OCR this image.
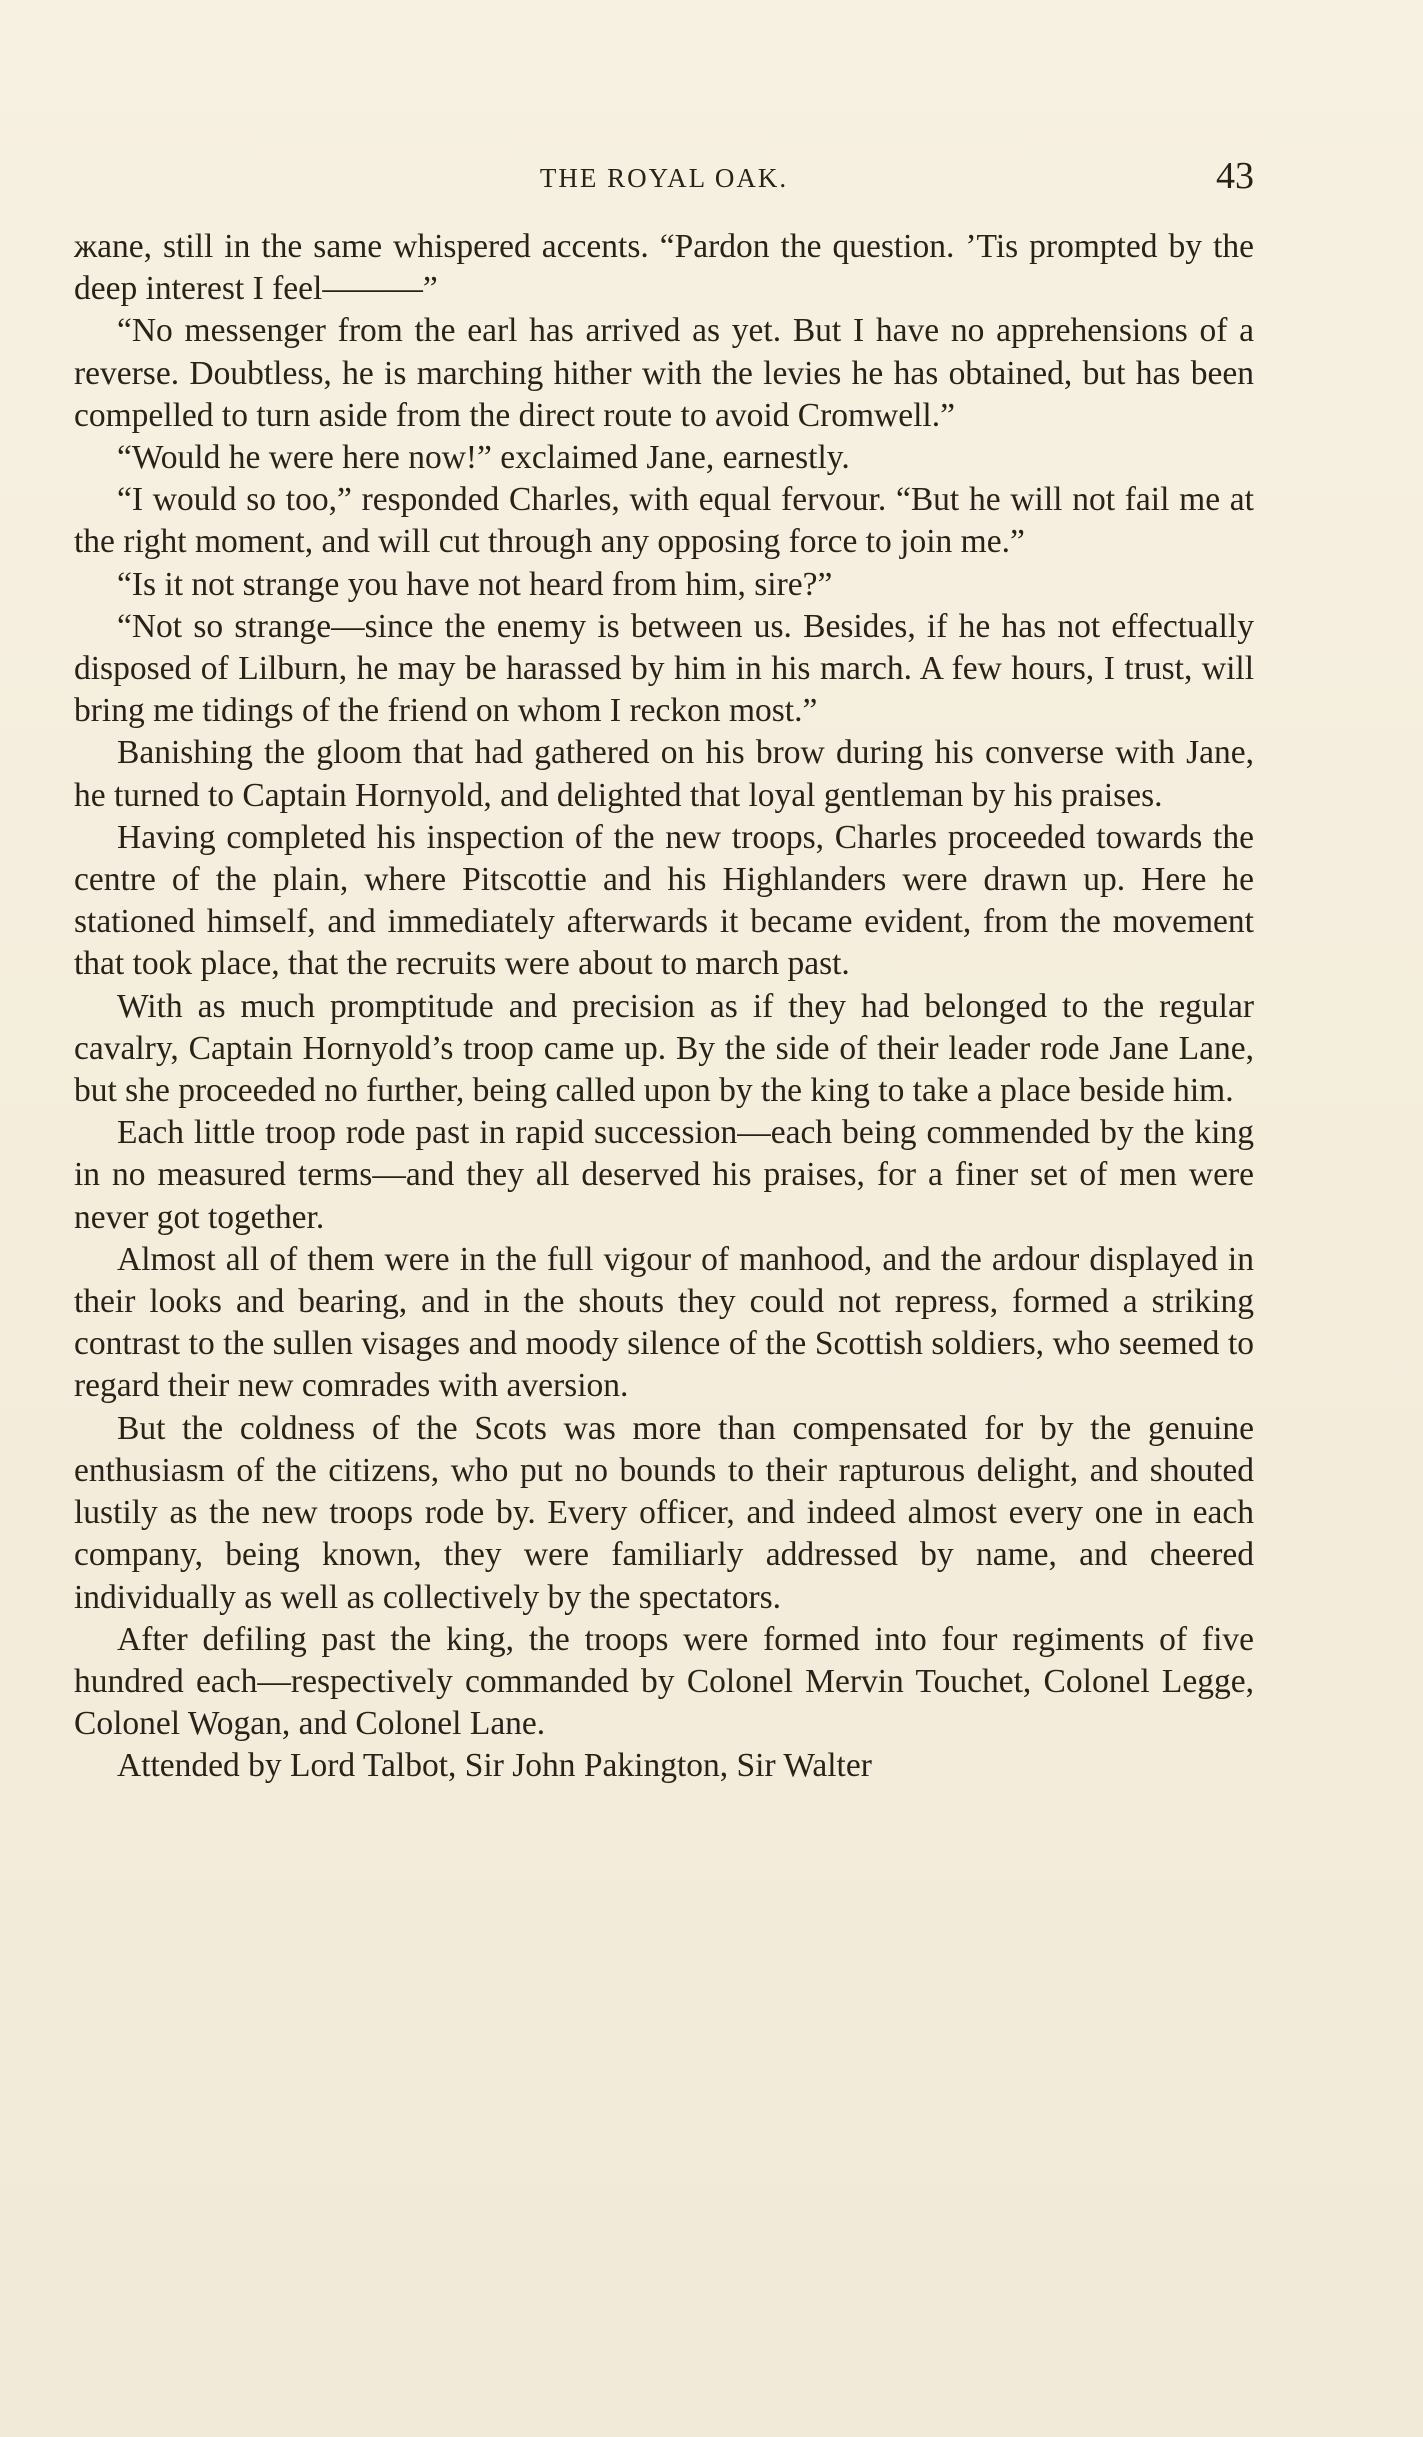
THE ROYAL OAK.	43

жane, still in the same whispered accents. “Pardon the question. ’Tis prompted by the deep interest I feel———”

“No messenger from the earl has arrived as yet. But I have no apprehensions of a reverse. Doubtless, he is marching hither with the levies he has obtained, but has been compelled to turn aside from the direct route to avoid Cromwell.”

“Would he were here now!” exclaimed Jane, earnestly.

“I would so too,” responded Charles, with equal fervour. “But he will not fail me at the right moment, and will cut through any opposing force to join me.”

“Is it not strange you have not heard from him, sire?”

“Not so strange—since the enemy is between us. Besides, if he has not effectually disposed of Lilburn, he may be harassed by him in his march. A few hours, I trust, will bring me tidings of the friend on whom I reckon most.”

Banishing the gloom that had gathered on his brow during his converse with Jane, he turned to Captain Hornyold, and delighted that loyal gentleman by his praises.

Having completed his inspection of the new troops, Charles proceeded towards the centre of the plain, where Pitscottie and his Highlanders were drawn up. Here he stationed himself, and immediately afterwards it became evident, from the movement that took place, that the recruits were about to march past.

With as much promptitude and precision as if they had belonged to the regular cavalry, Captain Hornyold’s troop came up. By the side of their leader rode Jane Lane, but she proceeded no further, being called upon by the king to take a place beside him.

Each little troop rode past in rapid succession—each being commended by the king in no measured terms—and they all deserved his praises, for a finer set of men were never got together.

Almost all of them were in the full vigour of manhood, and the ardour displayed in their looks and bearing, and in the shouts they could not repress, formed a striking contrast to the sullen visages and moody silence of the Scottish soldiers, who seemed to regard their new comrades with aversion.

But the coldness of the Scots was more than compensated for by the genuine enthusiasm of the citizens, who put no bounds to their rapturous delight, and shouted lustily as the new troops rode by. Every officer, and indeed almost every one in each company, being known, they were familiarly addressed by name, and cheered individually as well as collectively by the spectators.

After defiling past the king, the troops were formed into four regiments of five hundred each—respectively commanded by Colonel Mervin Touchet, Colonel Legge, Colonel Wogan, and Colonel Lane.

Attended by Lord Talbot, Sir John Pakington, Sir Walter
